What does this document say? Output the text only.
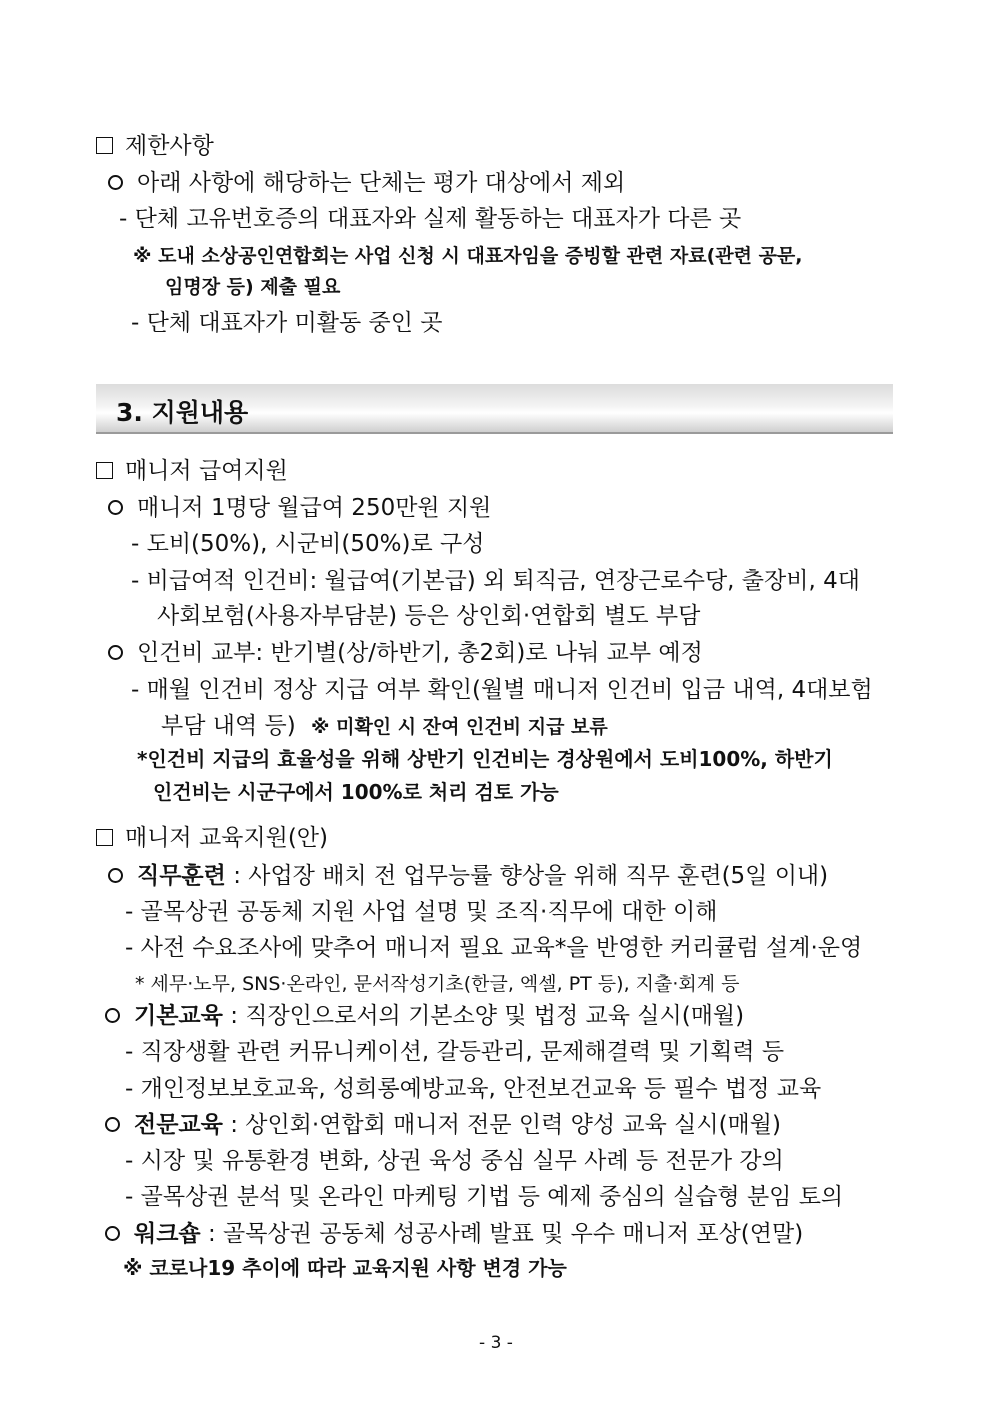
제한사항
아래 사항에 해당하는 단체는 평가 대상에서 제외
- 단체 고유번호증의 대표자와 실제 활동하는 대표자가 다른 곳
※ 도내 소상공인연합회는 사업 신청 시 대표자임을 증빙할 관련 자료(관련 공문,
임명장 등) 제출 필요
- 단체 대표자가 미활동 중인 곳
3. 지원내용
매니저 급여지원
매니저 1명당 월급여 250만원 지원
- 도비(50%), 시군비(50%)로 구성
- 비급여적 인건비: 월급여(기본급) 외 퇴직금, 연장근로수당, 출장비, 4대
사회보험(사용자부담분) 등은 상인회·연합회 별도 부담
인건비 교부: 반기별(상/하반기, 총2회)로 나눠 교부 예정
- 매월 인건비 정상 지급 여부 확인(월별 매니저 인건비 입금 내역, 4대보험
부담 내역 등) ※ 미확인 시 잔여 인건비 지급 보류
*인건비 지급의 효율성을 위해 상반기 인건비는 경상원에서 도비100%, 하반기
인건비는 시군구에서 100%로 처리 검토 가능
매니저 교육지원(안)
직무훈련 : 사업장 배치 전 업무능률 향상을 위해 직무 훈련(5일 이내)
- 골목상권 공동체 지원 사업 설명 및 조직·직무에 대한 이해
- 사전 수요조사에 맞추어 매니저 필요 교육*을 반영한 커리큘럼 설계·운영
* 세무·노무, SNS·온라인, 문서작성기초(한글, 엑셀, PT 등), 지출·회계 등
기본교육 : 직장인으로서의 기본소양 및 법정 교육 실시(매월)
- 직장생활 관련 커뮤니케이션, 갈등관리, 문제해결력 및 기획력 등
- 개인정보보호교육, 성희롱예방교육, 안전보건교육 등 필수 법정 교육
전문교육 : 상인회·연합회 매니저 전문 인력 양성 교육 실시(매월)
- 시장 및 유통환경 변화, 상권 육성 중심 실무 사례 등 전문가 강의
- 골목상권 분석 및 온라인 마케팅 기법 등 예제 중심의 실습형 분임 토의
워크숍 : 골목상권 공동체 성공사례 발표 및 우수 매니저 포상(연말)
※ 코로나19 추이에 따라 교육지원 사항 변경 가능
- 3 -
